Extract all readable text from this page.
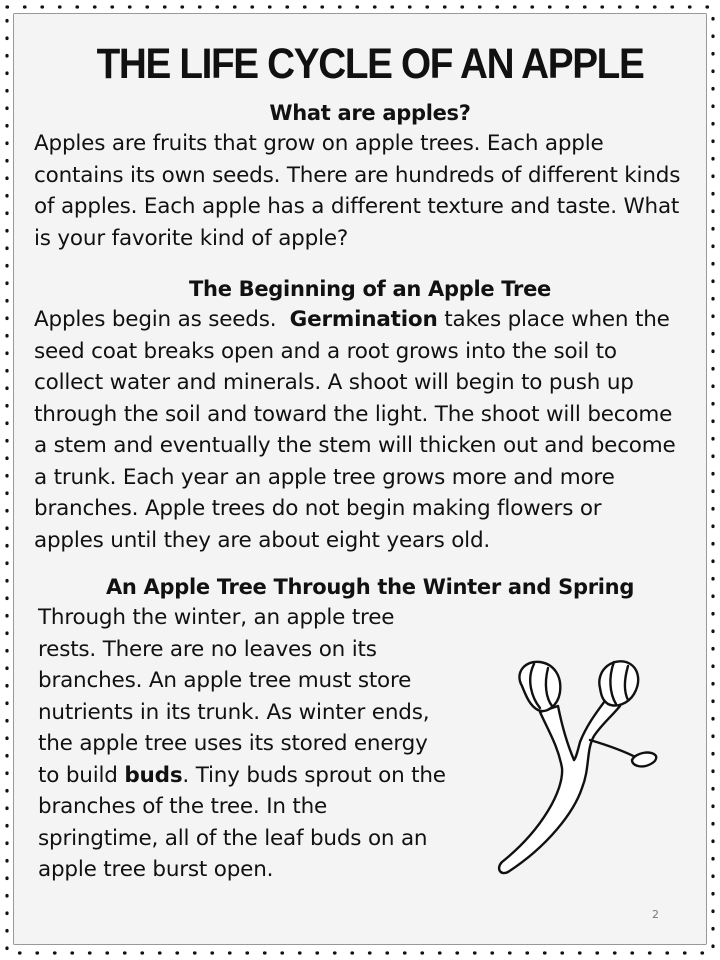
THE LIFE CYCLE OF AN APPLE
What are apples?

Apples are fruits that grow on apple trees. Each apple
contains its own seeds. There are hundreds of different kinds
of apples. Each apple has a different texture and taste. What
is your favorite kind of apple?

The Beginning of an Apple Tree

Apples begin as seeds. Germination takes place when the
seed coat breaks open and a root grows into the soil to
collect water and minerals. A shoot will begin to push up
through the soil and toward the light. The shoot will become
a stem and eventually the stem will thicken out and become
a trunk. Each year an apple tree grows more and more
branches. Apple trees do not begin making flowers or
apples until they are about eight years old.

An Apple Tree Through the Winter and Spring

Through the winter, an apple tree
rests. There are no leaves on its
branches. An apple tree must store
nutrients in its trunk. As winter ends,
the apple tree uses its stored energy
to build buds. Tiny buds sprout on the
branches of the tree. In the
springtime, all of the leaf buds on an
apple tree burst open.

2
